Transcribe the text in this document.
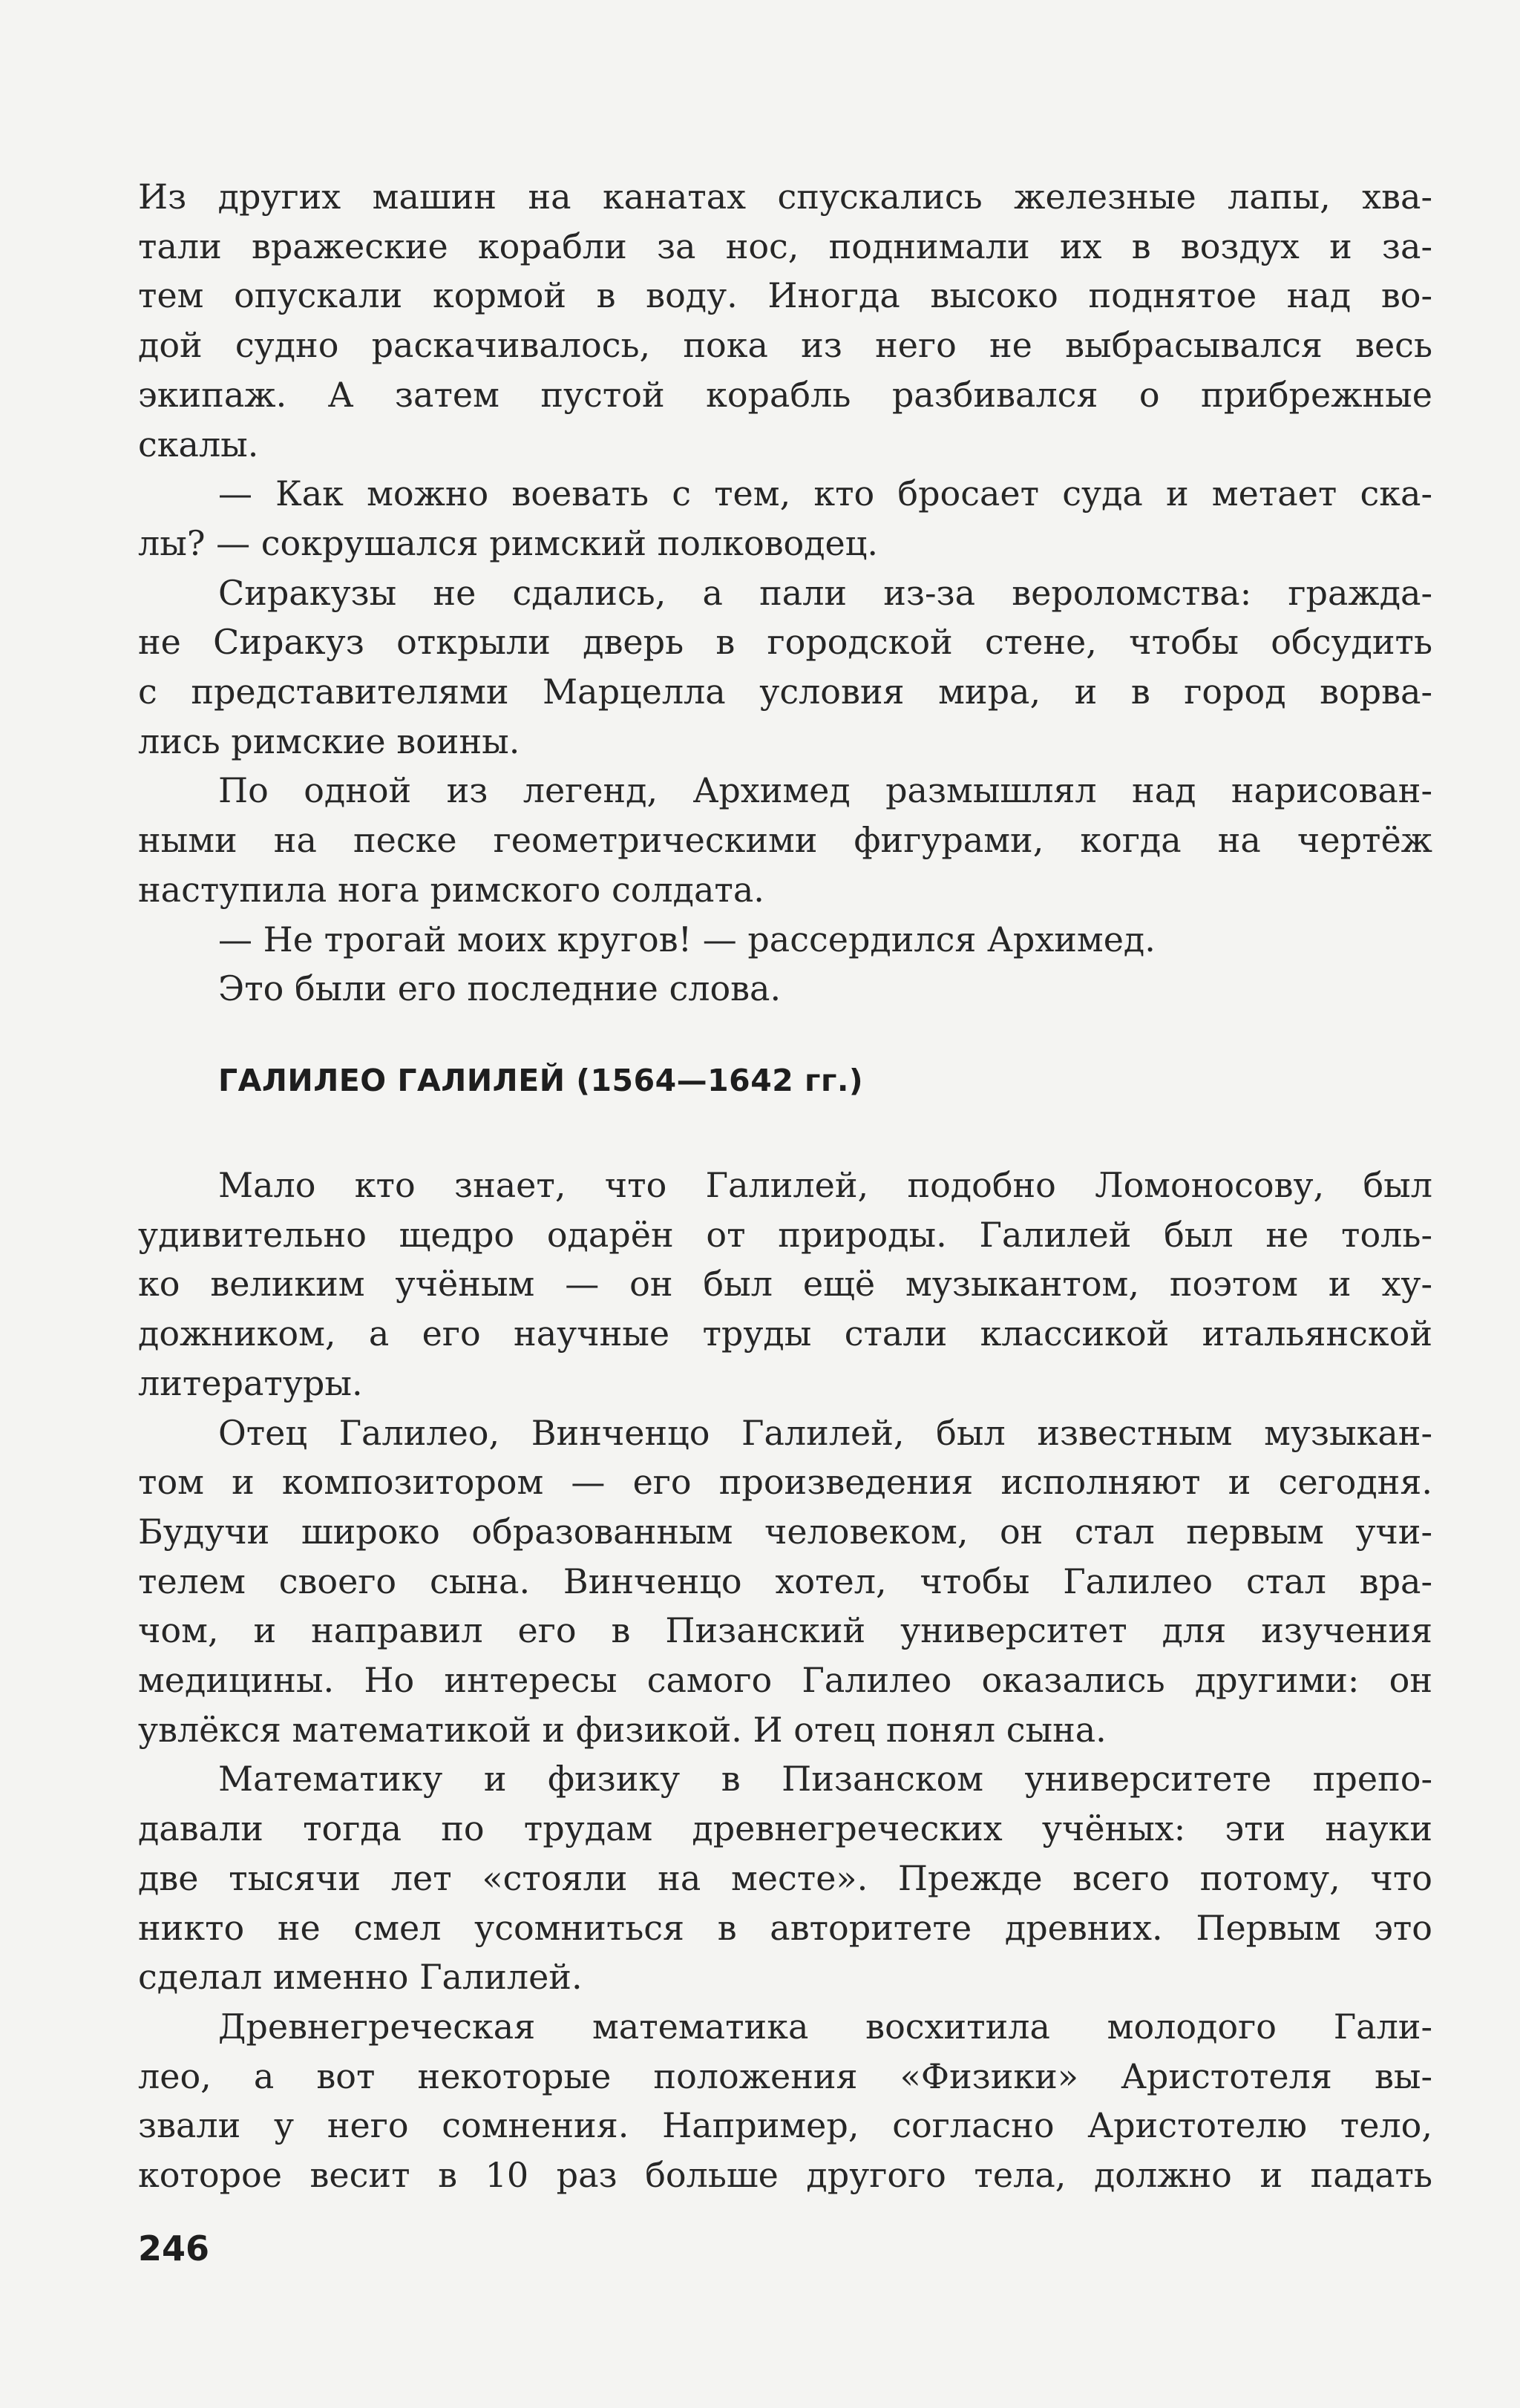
Из других машин на канатах спускались железные лапы, хва-
тали вражеские корабли за нос, поднимали их в воздух и за-
тем опускали кормой в воду. Иногда высоко поднятое над во-
дой судно раскачивалось, пока из него не выбрасывался весь
экипаж. А затем пустой корабль разбивался о прибрежные
скалы.
— Как можно воевать с тем, кто бросает суда и метает ска-
лы? — сокрушался римский полководец.
Сиракузы не сдались, а пали из-за вероломства: гражда-
не Сиракуз открыли дверь в городской стене, чтобы обсудить
с представителями Марцелла условия мира, и в город ворва-
лись римские воины.
По одной из легенд, Архимед размышлял над нарисован-
ными на песке геометрическими фигурами, когда на чертёж
наступила нога римского солдата.
— Не трогай моих кругов! — рассердился Архимед.
Это были его последние слова.
ГАЛИЛЕО ГАЛИЛЕЙ (1564—1642 гг.)
Мало кто знает, что Галилей, подобно Ломоносову, был
удивительно щедро одарён от природы. Галилей был не толь-
ко великим учёным — он был ещё музыкантом, поэтом и ху-
дожником, а его научные труды стали классикой итальянской
литературы.
Отец Галилео, Винченцо Галилей, был известным музыкан-
том и композитором — его произведения исполняют и сегодня.
Будучи широко образованным человеком, он стал первым учи-
телем своего сына. Винченцо хотел, чтобы Галилео стал вра-
чом, и направил его в Пизанский университет для изучения
медицины. Но интересы самого Галилео оказались другими: он
увлёкся математикой и физикой. И отец понял сына.
Математику и физику в Пизанском университете препо-
давали тогда по трудам древнегреческих учёных: эти науки
две тысячи лет «стояли на месте». Прежде всего потому, что
никто не смел усомниться в авторитете древних. Первым это
сделал именно Галилей.
Древнегреческая математика восхитила молодого Гали-
лео, а вот некоторые положения «Физики» Аристотеля вы-
звали у него сомнения. Например, согласно Аристотелю тело,
которое весит в 10 раз больше другого тела, должно и падать
246
